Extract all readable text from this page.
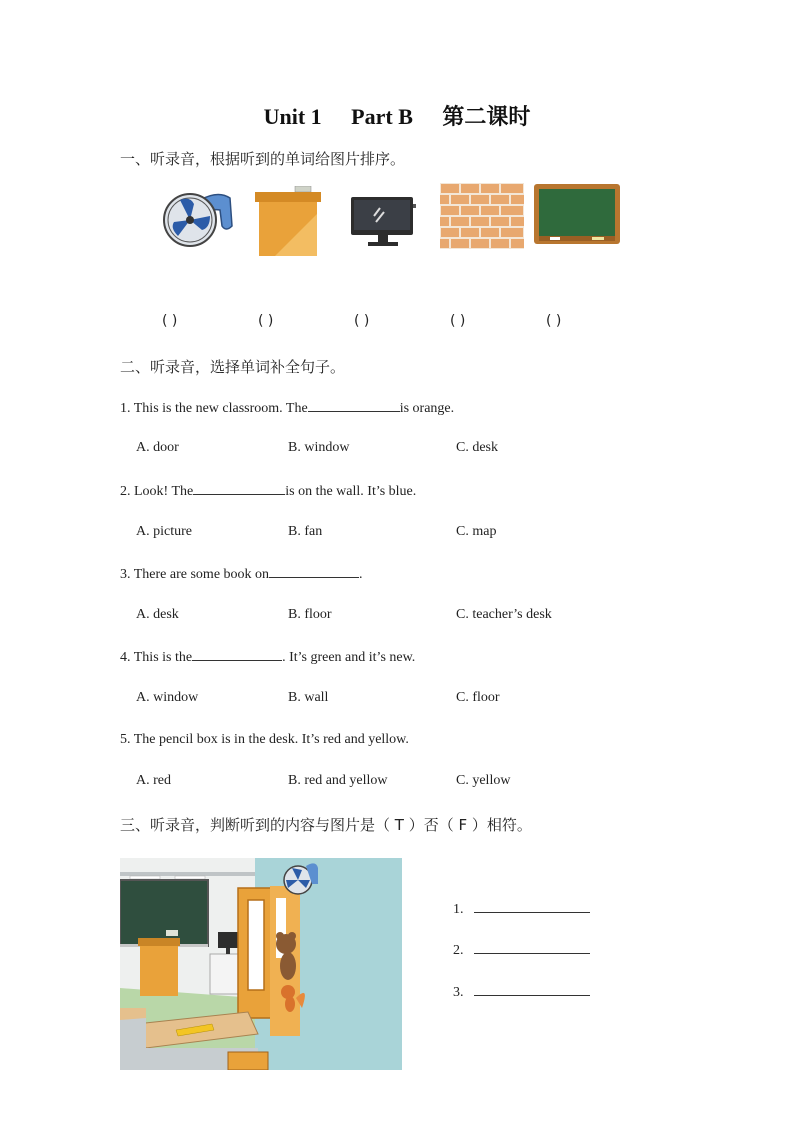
Unit 1 Part B 第二课时
一、听录音，根据听到的单词给图片排序。
( )	( )	( )	( )	( )
二、听录音，选择单词补全句子。
1. This is the new classroom. The	is orange.
A. door	B. window	C. desk
2. Look! The	is on the wall. It’s blue.
A. picture	B. fan	C. map
3. There are some book on	.
A. desk	B. floor	C. teacher’s desk
4. This is the	. It’s green and it’s new.
A. window	B. wall	C. floor
5. The pencil box is in the desk. It’s red and yellow.
A. red	B. red and yellow	C. yellow
三、听录音，判断听到的内容与图片是（ T ）否（ F ）相符。
1.
2.
3.
